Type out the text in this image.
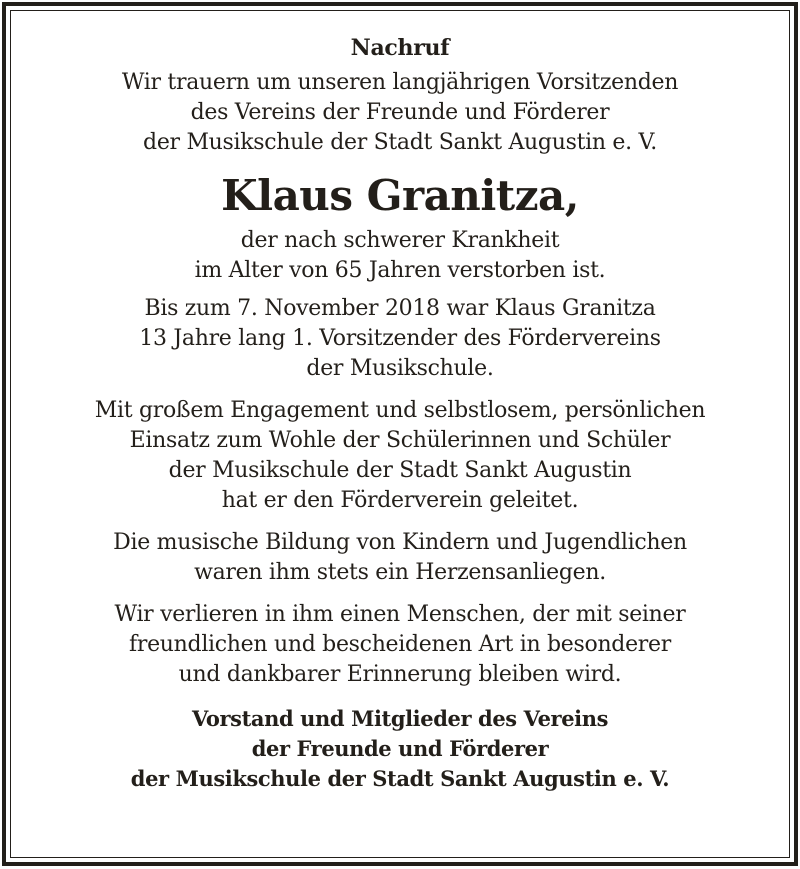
Nachruf
Wir trauern um unseren langjährigen Vorsitzenden
des Vereins der Freunde und Förderer
der Musikschule der Stadt Sankt Augustin e. V.
Klaus Granitza,
der nach schwerer Krankheit
im Alter von 65 Jahren verstorben ist.
Bis zum 7. November 2018 war Klaus Granitza
13 Jahre lang 1. Vorsitzender des Fördervereins
der Musikschule.
Mit großem Engagement und selbstlosem, persönlichen
Einsatz zum Wohle der Schülerinnen und Schüler
der Musikschule der Stadt Sankt Augustin
hat er den Förderverein geleitet.
Die musische Bildung von Kindern und Jugendlichen
waren ihm stets ein Herzensanliegen.
Wir verlieren in ihm einen Menschen, der mit seiner
freundlichen und bescheidenen Art in besonderer
und dankbarer Erinnerung bleiben wird.
Vorstand und Mitglieder des Vereins
der Freunde und Förderer
der Musikschule der Stadt Sankt Augustin e. V.
